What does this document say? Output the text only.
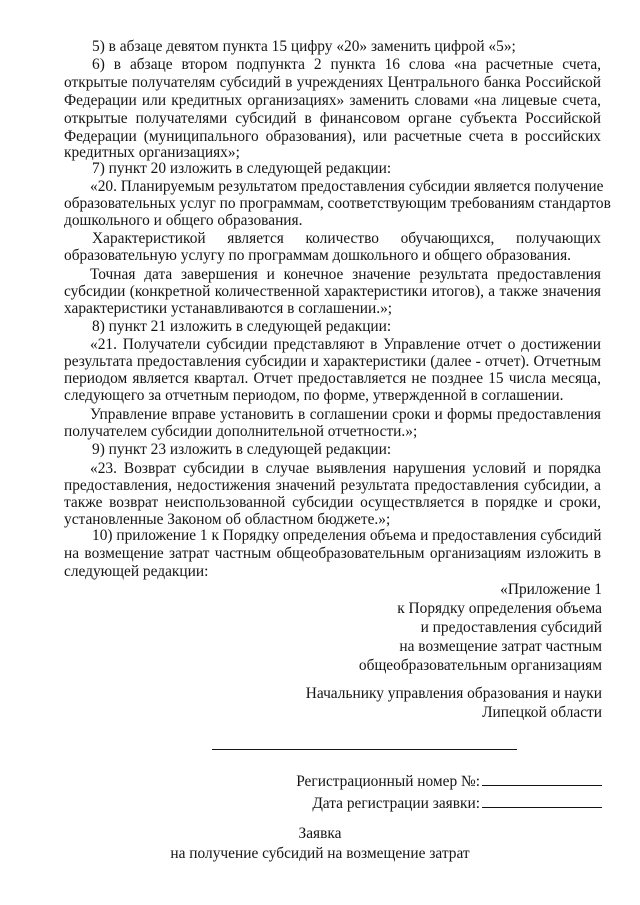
5) в абзаце девятом пункта 15 цифру «20» заменить цифрой «5»;
6) в абзаце втором подпункта 2 пункта 16 слова «на расчетные счета,
открытые получателям субсидий в учреждениях Центрального банка Российской
Федерации или кредитных организациях» заменить словами «на лицевые счета,
открытые получателями субсидий в финансовом органе субъекта Российской
Федерации (муниципального образования), или расчетные счета в российских
кредитных организациях»;
7) пункт 20 изложить в следующей редакции:
«20. Планируемым результатом предоставления субсидии является получение
образовательных услуг по программам, соответствующим требованиям стандартов
дошкольного и общего образования.
Характеристикой является количество обучающихся, получающих
образовательную услугу по программам дошкольного и общего образования.
Точная дата завершения и конечное значение результата предоставления
субсидии (конкретной количественной характеристики итогов), а также значения
характеристики устанавливаются в соглашении.»;
8) пункт 21 изложить в следующей редакции:
«21. Получатели субсидии представляют в Управление отчет о достижении
результата предоставления субсидии и характеристики (далее - отчет). Отчетным
периодом является квартал. Отчет предоставляется не позднее 15 числа месяца,
следующего за отчетным периодом, по форме, утвержденной в соглашении.
Управление вправе установить в соглашении сроки и формы предоставления
получателем субсидии дополнительной отчетности.»;
9) пункт 23 изложить в следующей редакции:
«23. Возврат субсидии в случае выявления нарушения условий и порядка
предоставления, недостижения значений результата предоставления субсидии, а
также возврат неиспользованной субсидии осуществляется в порядке и сроки,
установленные Законом об областном бюджете.»;
10) приложение 1 к Порядку определения объема и предоставления субсидий
на возмещение затрат частным общеобразовательным организациям изложить в
следующей редакции:
«Приложение 1
к Порядку определения объема
и предоставления субсидий
на возмещение затрат частным
общеобразовательным организациям
Начальнику управления образования и науки
Липецкой области
Регистрационный номер №:
Дата регистрации заявки:
Заявка
на получение субсидий на возмещение затрат
